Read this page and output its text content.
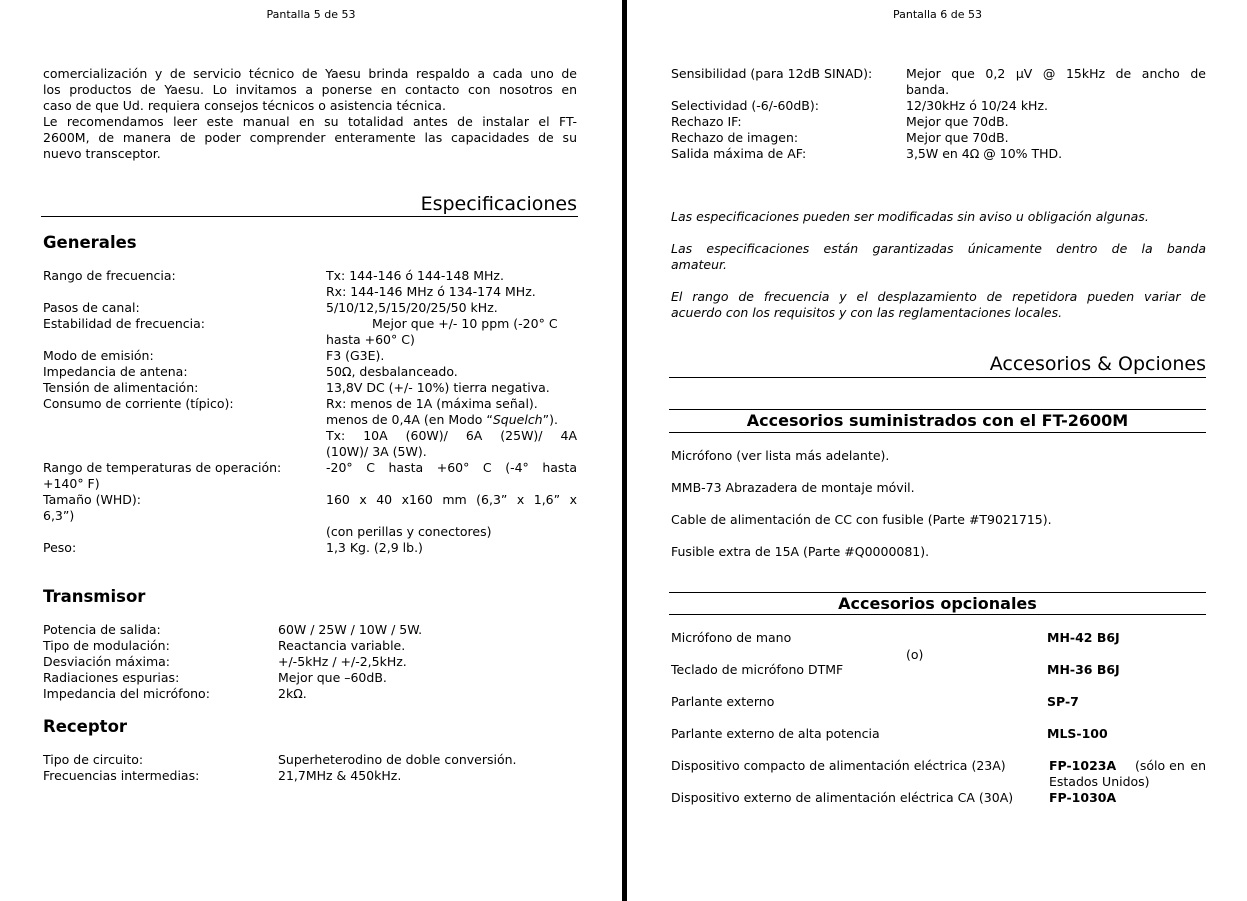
Pantalla 5 de 53
comercialización y de servicio técnico de Yaesu brinda respaldo a cada uno de
los productos de Yaesu. Lo invitamos a ponerse en contacto con nosotros en
caso de que Ud. requiera consejos técnicos o asistencia técnica.
Le recomendamos leer este manual en su totalidad antes de instalar el FT-
2600M, de manera de poder comprender enteramente las capacidades de su
nuevo transceptor.
Especificaciones
Generales
Rango de frecuencia:	Tx: 144-146 ó 144-148 MHz.
Rx: 144-146 MHz ó 134-174 MHz.
Pasos de canal:	5/10/12,5/15/20/25/50 kHz.
Estabilidad de frecuencia:	Mejor que +/- 10 ppm (-20° C
hasta +60° C)
Modo de emisión:	F3 (G3E).
Impedancia de antena:	50Ω, desbalanceado.
Tensión de alimentación:	13,8V DC (+/- 10%) tierra negativa.
Consumo de corriente (típico):	Rx: menos de 1A (máxima señal).
menos de 0,4A (en Modo “Squelch”).
Tx: 10A (60W)/ 6A (25W)/ 4A
(10W)/ 3A (5W).
Rango de temperaturas de operación:	-20° C hasta +60° C (-4° hasta
+140° F)
Tamaño (WHD):	160 x 40 x160 mm (6,3” x 1,6” x
6,3”)
(con perillas y conectores)
Peso:	1,3 Kg. (2,9 lb.)
Transmisor
Potencia de salida:	60W / 25W / 10W / 5W.
Tipo de modulación:	Reactancia variable.
Desviación máxima:	+/-5kHz / +/-2,5kHz.
Radiaciones espurias:	Mejor que –60dB.
Impedancia del micrófono:	2kΩ.
Receptor
Tipo de circuito:	Superheterodino de doble conversión.
Frecuencias intermedias:	21,7MHz & 450kHz.
Pantalla 6 de 53
Sensibilidad (para 12dB SINAD):	Mejor que 0,2 μV @ 15kHz de ancho de
banda.
Selectividad (-6/-60dB):	12/30kHz ó 10/24 kHz.
Rechazo IF:	Mejor que 70dB.
Rechazo de imagen:	Mejor que 70dB.
Salida máxima de AF:	3,5W en 4Ω @ 10% THD.
Las especificaciones pueden ser modificadas sin aviso u obligación algunas.
Las especificaciones están garantizadas únicamente dentro de la banda
amateur.
El rango de frecuencia y el desplazamiento de repetidora pueden variar de
acuerdo con los requisitos y con las reglamentaciones locales.
Accesorios & Opciones
Accesorios suministrados con el FT-2600M
Micrófono (ver lista más adelante).
MMB-73 Abrazadera de montaje móvil.
Cable de alimentación de CC con fusible (Parte #T9021715).
Fusible extra de 15A (Parte #Q0000081).
Accesorios opcionales
Micrófono de mano	MH-42 B6J
(o)
Teclado de micrófono DTMF	MH-36 B6J
Parlante externo	SP-7
Parlante externo de alta potencia	MLS-100
Dispositivo compacto de alimentación eléctrica (23A)	FP-1023A (sólo en en
Estados Unidos)
Dispositivo externo de alimentación eléctrica CA (30A)	FP-1030A
